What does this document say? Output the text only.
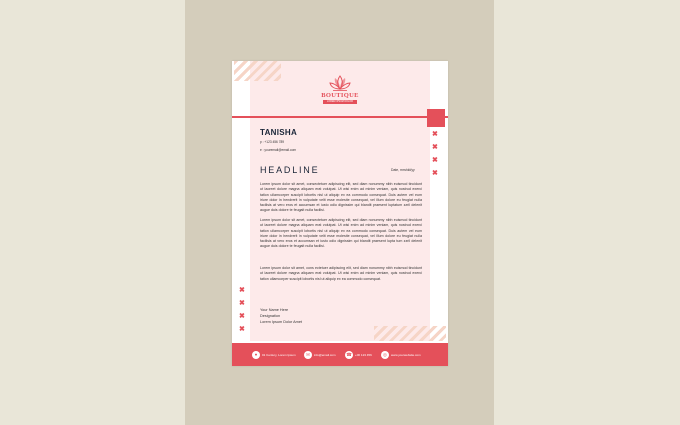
BOUTIQUE
LOREM IPSUM DOLOR
✖
✖
✖
✖
✖
✖
✖
✖
TANISHA
p : +123 456 789
e : youremail@email.com
HEADLINE	Date, mm/dd/yy

Lorem ipsum dolor sit amet, consectetuer adipiscing elit, sed diam nonummy nibh euismod tincidunt ut laoreet dolore magna aliquam erat volutpat. Ut wisi enim ad minim veniam, quis nostrud exerci tation ullamcorper suscipit lobortis nisl ut aliquip ex ea commodo consequat. Duis autem vel eum iriure dolor in hendrerit in vulputate velit esse molestie consequat, vel illum dolore eu feugiat nulla facilisis at vero eros et accumsan et iusto odio dignissim qui blandit praesent luptatum zzril delenit augue duis dolore te feugait nulla facilisi.

Lorem ipsum dolor sit amet, consectetuer adipiscing elit, sed diam nonummy nibh euismod tincidunt ut laoreet dolore magna aliquam erat volutpat. Ut wisi enim ad minim veniam, quis nostrud exerci tation ullamcorper suscipit lobortis nisl ut aliquip ex ea commodo consequat. Duis autem vel eum iriure dolor in hendrerit in vulputate velit esse molestie consequat, vel illum dolore eu feugiat nulla facilisis at vero eros et accumsan et iusto odio dignissim qui blandit praesent lupta tum zzril delenit augue duis dolore te feugait nulla facilisi.

Lorem ipsum dolor sit amet, cons ectetuer adipiscing elit, sed diam nonummy nibh euismod tincidunt ut laoreet dolore magna aliquam erat volutpat. Ut wisi enim ad minim veniam, quis nostrud exerci tation ullamcorper suscipit lobortis nisl ut aliquip ex ea commodo consequat.

Your Name Here
Designation
Lorem Ipsum Dolor Amet
● 01 Century, Lorem Ipsum	✉ info@email.com ☎ +00 123 456	◎ www.yourwebsite.com
